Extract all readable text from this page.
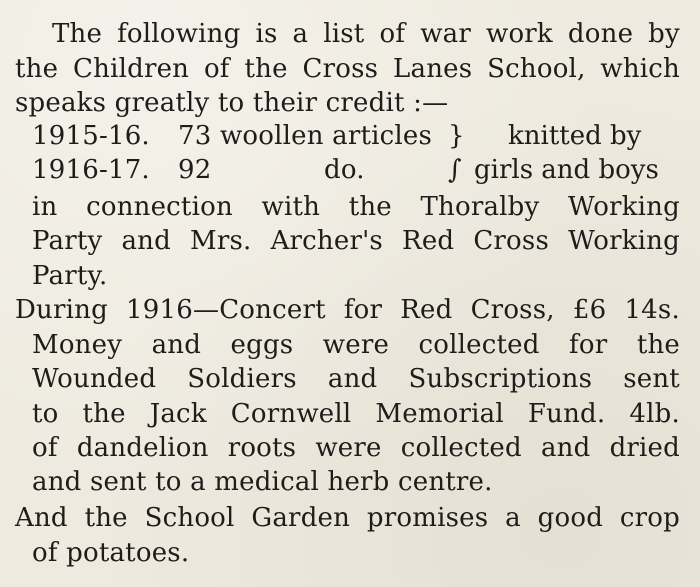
The following is a list of war work done by
the Children of the Cross Lanes School, which
speaks greatly to their credit :—
1915-16. 73 woollen articles } knitted by
1916-17. 92	do.	∫ girls and boys
in connection with the Thoralby Working
Party and Mrs. Archer's Red Cross Working
Party.
During 1916—Concert for Red Cross, £6 14s.
Money and eggs were collected for the
Wounded Soldiers and Subscriptions sent
to the Jack Cornwell Memorial Fund. 4lb.
of dandelion roots were collected and dried
and sent to a medical herb centre.
And the School Garden promises a good crop
of potatoes.
